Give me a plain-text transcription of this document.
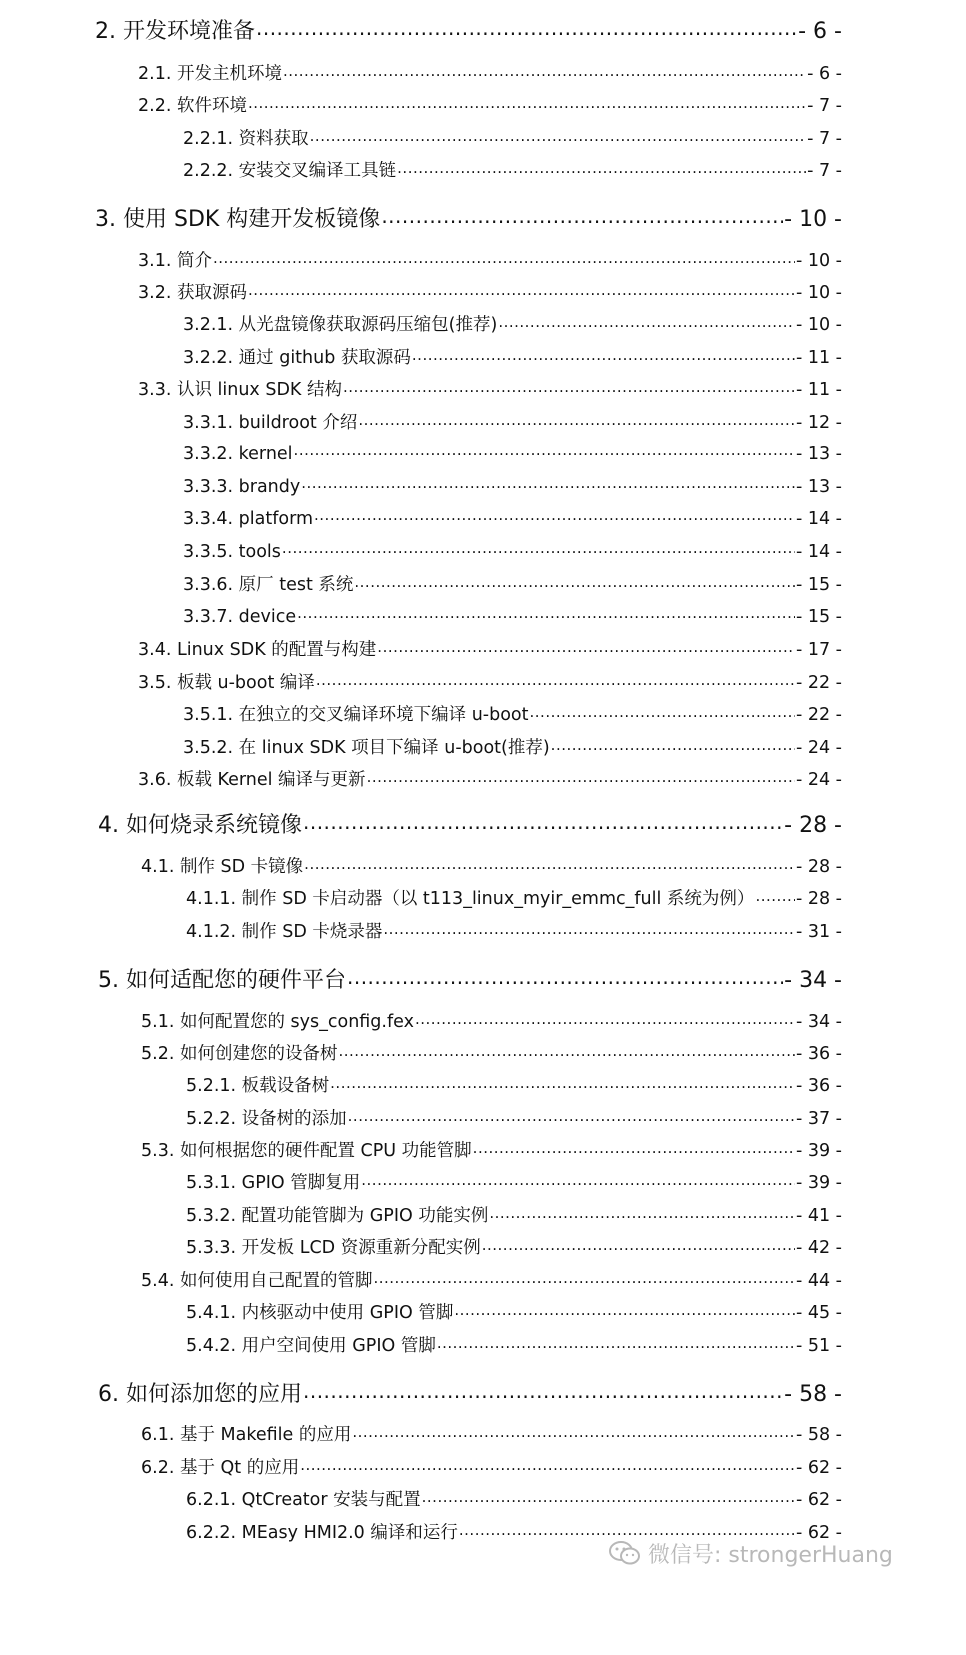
2. 开发环境准备 .....	- 6 -
2.1. 开发主机环境 .....	- 6 -
2.2. 软件环境 .....	- 7 -
2.2.1. 资料获取 .....	- 7 -
2.2.2. 安装交叉编译工具链 .....	- 7 -
3. 使用 SDK 构建开发板镜像 .....	- 10 -
3.1. 简介 .....	- 10 -
3.2. 获取源码 .....	- 10 -
3.2.1. 从光盘镜像获取源码压缩包(推荐) .....	- 10 -
3.2.2. 通过 github 获取源码 .....	- 11 -
3.3. 认识 linux SDK 结构 .....	- 11 -
3.3.1. buildroot 介绍 .....	- 12 -
3.3.2. kernel .....	- 13 -
3.3.3. brandy .....	- 13 -
3.3.4. platform .....	- 14 -
3.3.5. tools .....	- 14 -
3.3.6. 原厂 test 系统 .....	- 15 -
3.3.7. device .....	- 15 -
3.4. Linux SDK 的配置与构建 .....	- 17 -
3.5. 板载 u-boot 编译 .....	- 22 -
3.5.1. 在独立的交叉编译环境下编译 u-boot .....	- 22 -
3.5.2. 在 linux SDK 项目下编译 u-boot(推荐) .....	- 24 -
3.6. 板载 Kernel 编译与更新 .....	- 24 -
4. 如何烧录系统镜像 .....	- 28 -
4.1. 制作 SD 卡镜像 .....	- 28 -
4.1.1. 制作 SD 卡启动器（以 t113_linux_myir_emmc_full 系统为例） ..... - 28 -
4.1.2. 制作 SD 卡烧录器 .....	- 31 -
5. 如何适配您的硬件平台 .....	- 34 -
5.1. 如何配置您的 sys_config.fex .....	- 34 -
5.2. 如何创建您的设备树 .....	- 36 -
5.2.1. 板载设备树 .....	- 36 -
5.2.2. 设备树的添加 .....	- 37 -
5.3. 如何根据您的硬件配置 CPU 功能管脚 .....	- 39 -
5.3.1. GPIO 管脚复用 .....	- 39 -
5.3.2. 配置功能管脚为 GPIO 功能实例 .....	- 41 -
5.3.3. 开发板 LCD 资源重新分配实例 .....	- 42 -
5.4. 如何使用自己配置的管脚 .....	- 44 -
5.4.1. 内核驱动中使用 GPIO 管脚 .....	- 45 -
5.4.2. 用户空间使用 GPIO 管脚 .....	- 51 -
6. 如何添加您的应用 .....	- 58 -
6.1. 基于 Makefile 的应用 .....	- 58 -
6.2. 基于 Qt 的应用 .....	- 62 -
6.2.1. QtCreator 安装与配置 .....	- 62 -
6.2.2. MEasy HMI2.0 编译和运行 .....	- 62 -
微信号: strongerHuang
